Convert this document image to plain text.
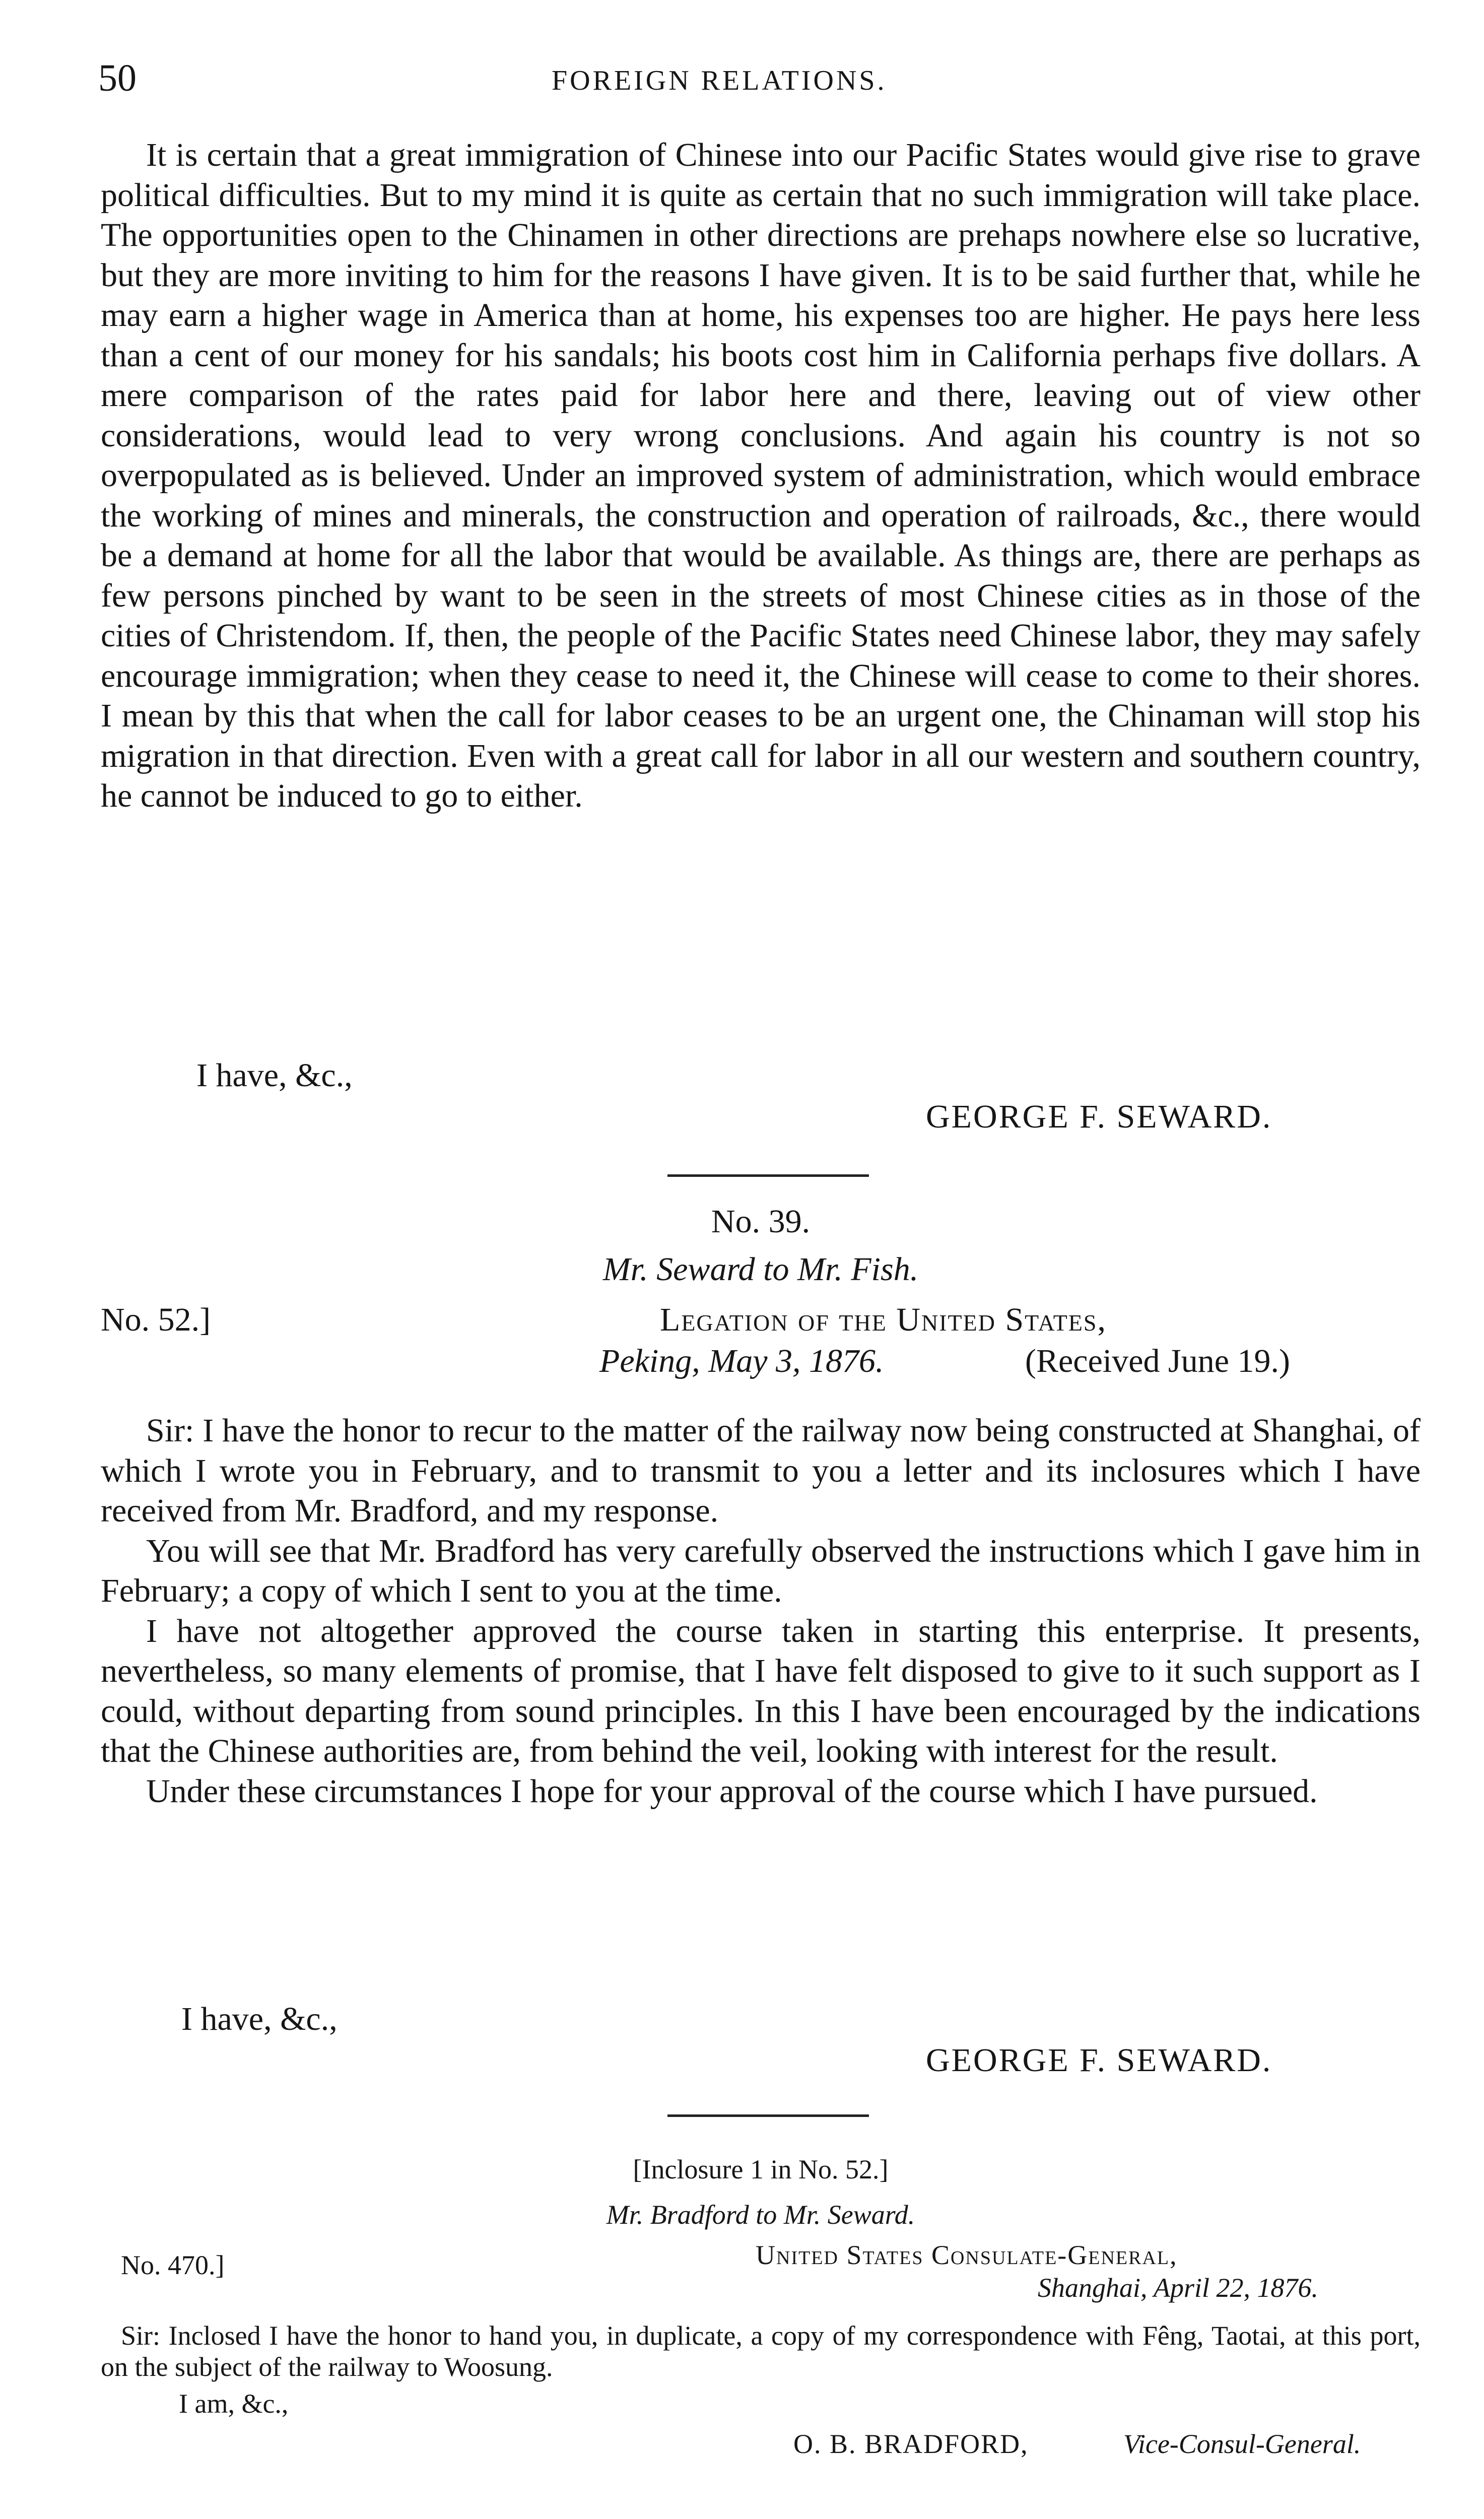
50	FOREIGN RELATIONS.

It is certain that a great immigration of Chinese into our Pacific States would give rise to grave political difficulties. But to my mind it is quite as certain that no such immigration will take place. The opportunities open to the Chinamen in other directions are prehaps nowhere else so lucrative, but they are more inviting to him for the reasons I have given. It is to be said further that, while he may earn a higher wage in America than at home, his expenses too are higher. He pays here less than a cent of our money for his sandals; his boots cost him in California perhaps five dollars. A mere comparison of the rates paid for labor here and there, leaving out of view other considerations, would lead to very wrong conclusions. And again his country is not so overpopulated as is believed. Under an improved system of administration, which would embrace the working of mines and minerals, the construction and operation of railroads, &c., there would be a demand at home for all the labor that would be available. As things are, there are perhaps as few persons pinched by want to be seen in the streets of most Chinese cities as in those of the cities of Christendom. If, then, the people of the Pacific States need Chinese labor, they may safely encourage immigration; when they cease to need it, the Chinese will cease to come to their shores. I mean by this that when the call for labor ceases to be an urgent one, the Chinaman will stop his migration in that direction. Even with a great call for labor in all our western and southern country, he cannot be induced to go to either.

I have, &c.,
GEORGE F. SEWARD.
No. 39.
Mr. Seward to Mr. Fish.
No. 52.]	Legation of the United States,
Peking, May 3, 1876.	(Received June 19.)

Sir: I have the honor to recur to the matter of the railway now being constructed at Shanghai, of which I wrote you in February, and to transmit to you a letter and its inclosures which I have received from Mr. Bradford, and my response.

You will see that Mr. Bradford has very carefully observed the instructions which I gave him in February; a copy of which I sent to you at the time.

I have not altogether approved the course taken in starting this enterprise. It presents, nevertheless, so many elements of promise, that I have felt disposed to give to it such support as I could, without departing from sound principles. In this I have been encouraged by the indications that the Chinese authorities are, from behind the veil, looking with interest for the result.

Under these circumstances I hope for your approval of the course which I have pursued.

I have, &c.,
GEORGE F. SEWARD.
[Inclosure 1 in No. 52.]
Mr. Bradford to Mr. Seward.
No. 470.]	United States Consulate-General,
Shanghai, April 22, 1876.

Sir: Inclosed I have the honor to hand you, in duplicate, a copy of my correspondence with Fêng, Taotai, at this port, on the subject of the railway to Woosung.

I am, &c.,
O. B. BRADFORD,	Vice-Consul-General.
